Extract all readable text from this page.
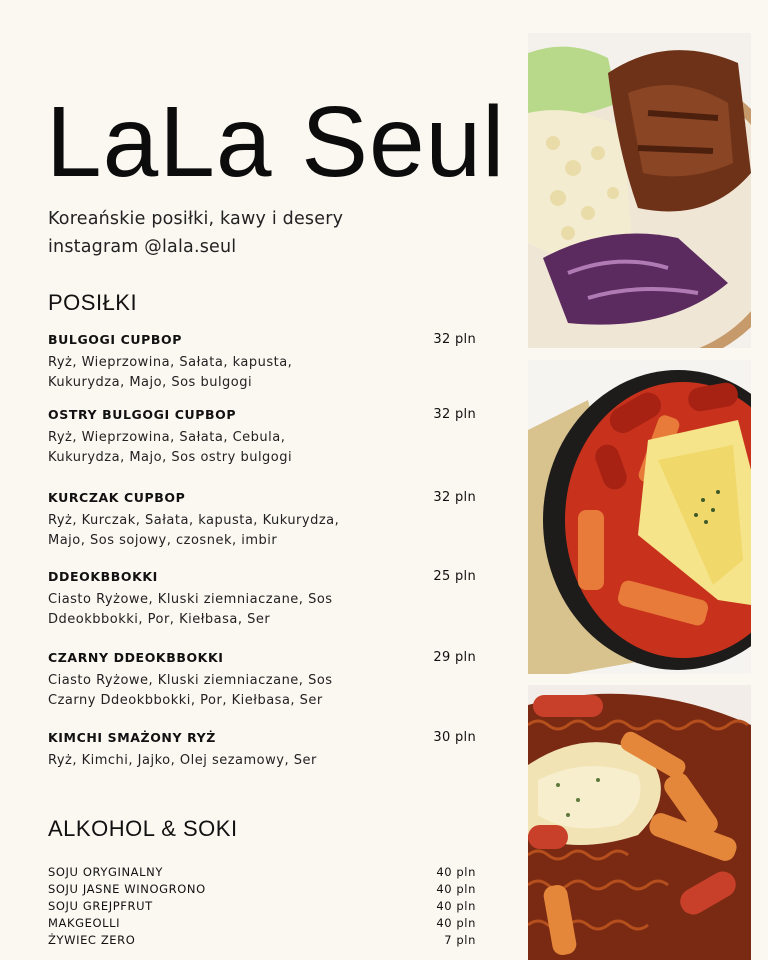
LaLa Seul
Koreańskie posiłki, kawy i desery
instagram @lala.seul
POSIŁKI
BULGOGI CUPBOP	32 pln
Ryż, Wieprzowina, Sałata, kapusta, Kukurydza, Majo, Sos bulgogi
OSTRY BULGOGI CUPBOP	32 pln
Ryż, Wieprzowina, Sałata, Cebula, Kukurydza, Majo, Sos ostry bulgogi
KURCZAK CUPBOP	32 pln
Ryż, Kurczak, Sałata, kapusta, Kukurydza, Majo, Sos sojowy, czosnek, imbir
DDEOKBBOKKI	25 pln
Ciasto Ryżowe, Kluski ziemniaczane, Sos Ddeokbbokki, Por, Kiełbasa, Ser
CZARNY DDEOKBBOKKI	29 pln
Ciasto Ryżowe, Kluski ziemniaczane, Sos Czarny Ddeokbbokki, Por, Kiełbasa, Ser
KIMCHI SMAŻONY RYŻ	30 pln
Ryż, Kimchi, Jajko, Olej sezamowy, Ser
ALKOHOL & SOKI
SOJU ORYGINALNY	40 pln
SOJU JASNE WINOGRONO	40 pln
SOJU GREJPFRUT	40 pln
MAKGEOLLI	40 pln
ŻYWIEC ZERO	7 pln
